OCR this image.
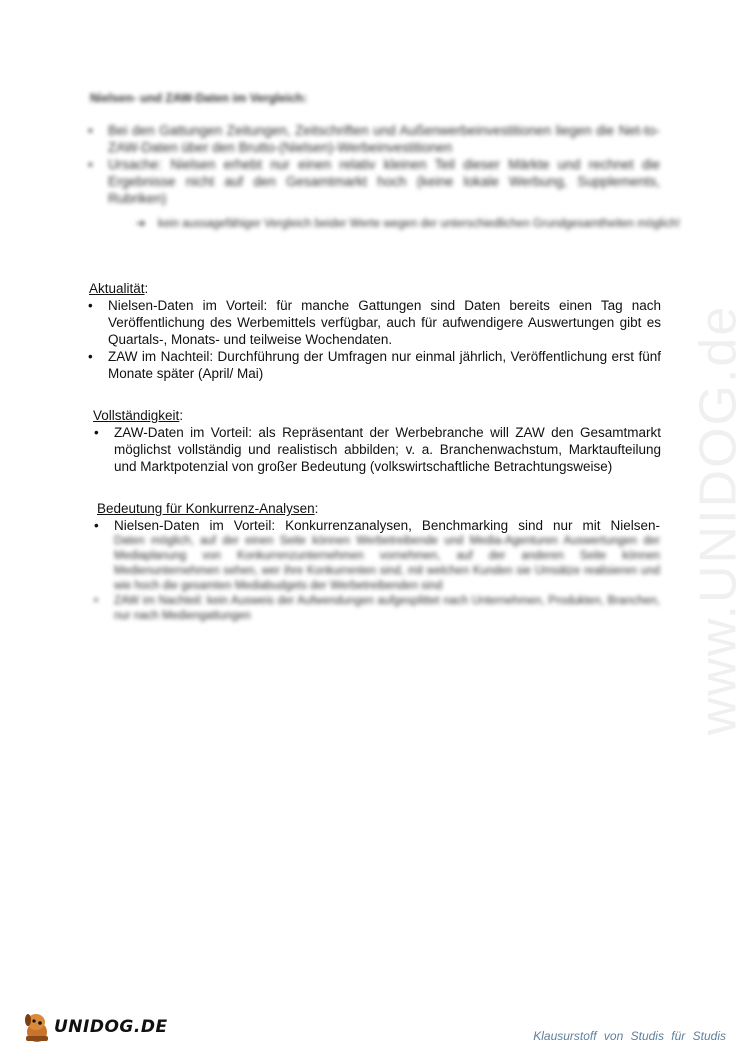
www.UNIDOG.de
Nielsen- und ZAW-Daten im Vergleich:
• Bei den Gattungen Zeitungen, Zeitschriften und Außenwerbeinvestitionen liegen die Net-to-ZAW-Daten über den Brutto-(Nielsen)-Werbeinvestitionen
• Ursache: Nielsen erhebt nur einen relativ kleinen Teil dieser Märkte und rechnet die Ergebnisse nicht auf den Gesamtmarkt hoch (keine lokale Werbung, Supplements, Rubriken)
➔ kein aussagefähiger Vergleich beider Werte wegen der unterschiedlichen Grundgesamtheiten möglich!
Aktualität:
• Nielsen-Daten im Vorteil: für manche Gattungen sind Daten bereits einen Tag nach Veröffentlichung des Werbemittels verfügbar, auch für aufwendigere Auswertungen gibt es Quartals-, Monats- und teilweise Wochendaten.
• ZAW im Nachteil: Durchführung der Umfragen nur einmal jährlich, Veröffentlichung erst fünf Monate später (April/ Mai)
Vollständigkeit:
• ZAW-Daten im Vorteil: als Repräsentant der Werbebranche will ZAW den Gesamtmarkt möglichst vollständig und realistisch abbilden; v. a. Branchenwachstum, Marktaufteilung und Marktpotenzial von großer Bedeutung (volkswirtschaftliche Betrachtungsweise)
Bedeutung für Konkurrenz-Analysen:
• Nielsen-Daten im Vorteil: Konkurrenzanalysen, Benchmarking sind nur mit Nielsen-
Daten möglich, auf der einen Seite können Werbetreibende und Media-Agenturen Auswertungen der Mediaplanung von Konkurrenzunternehmen vornehmen, auf der anderen Seite können Medienunternehmen sehen, wer ihre Konkurrenten sind, mit welchen Kunden sie Umsätze realisieren und wie hoch die gesamten Mediabudgets der Werbetreibenden sind
• ZAW im Nachteil: kein Ausweis der Aufwendungen aufgesplittet nach Unternehmen, Produkten, Branchen, nur nach Mediengattungen
UNIDOG.DE	Klausurstoff von Studis für Studis
